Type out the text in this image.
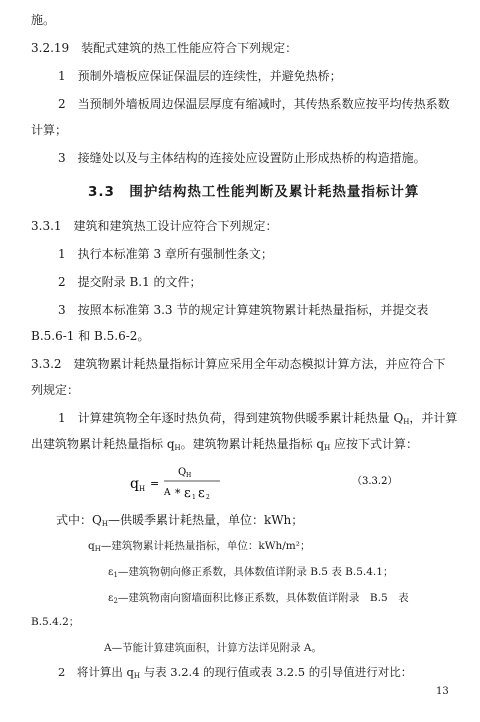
施。
3.2.19　装配式建筑的热工性能应符合下列规定：
1　预制外墙板应保证保温层的连续性，并避免热桥；
2　当预制外墙板周边保温层厚度有缩减时，其传热系数应按平均传热系数
计算；
3　接缝处以及与主体结构的连接处应设置防止形成热桥的构造措施。
3.3　围护结构热工性能判断及累计耗热量指标计算
3.3.1　建筑和建筑热工设计应符合下列规定：
1　执行本标准第 3 章所有强制性条文；
2　提交附录 B.1 的文件；
3　按照本标准第 3.3 节的规定计算建筑物累计耗热量指标，并提交表
B.5.6-1 和 B.5.6-2。
3.3.2　建筑物累计耗热量指标计算应采用全年动态模拟计算方法，并应符合下
列规定：
1　计算建筑物全年逐时热负荷，得到建筑物供暖季累计耗热量 $Q_H$，并计算
出建筑物累计耗热量指标 $q_H$。建筑物累计耗热量指标 $q_H$ 应按下式计算：
q H =
Q H
A * ε 1 ε 2
（3.3.2）
式中：$Q_H—$供暖季累计耗热量，单位：kWh；
$q_H—$建筑物累计耗热量指标，单位：kWh/m²；
$\varepsilon_1—$建筑物朝向修正系数，具体数值详附录 B.5 表 B.5.4.1；
$\varepsilon_2—$建筑物南向窗墙面积比修正系数，具体数值详附录　B.5　表
B.5.4.2；
A—节能计算建筑面积，计算方法详见附录 A。
2　将计算出 $q_H$ 与表 3.2.4 的现行值或表 3.2.5 的引导值进行对比：
13
